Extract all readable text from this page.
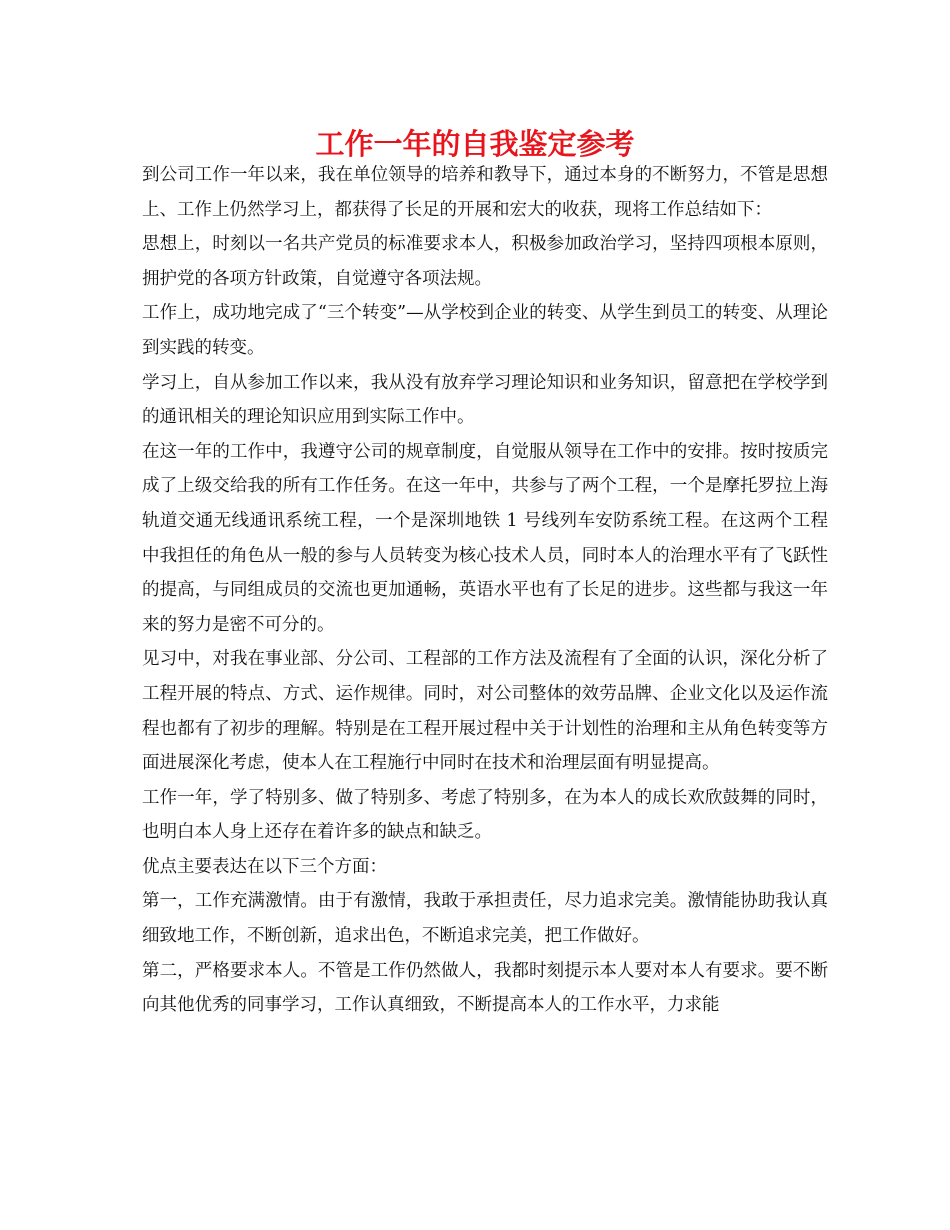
工作一年的自我鉴定参考

到公司工作一年以来，我在单位领导的培养和教导下，通过本身的不断努力，不管是思想上、工作上仍然学习上，都获得了长足的开展和宏大的收获，现将工作总结如下：

思想上，时刻以一名共产党员的标准要求本人，积极参加政治学习，坚持四项根本原则，拥护党的各项方针政策，自觉遵守各项法规。

工作上，成功地完成了“三个转变”—从学校到企业的转变、从学生到员工的转变、从理论到实践的转变。

学习上，自从参加工作以来，我从没有放弃学习理论知识和业务知识，留意把在学校学到的通讯相关的理论知识应用到实际工作中。

在这一年的工作中，我遵守公司的规章制度，自觉服从领导在工作中的安排。按时按质完成了上级交给我的所有工作任务。在这一年中，共参与了两个工程，一个是摩托罗拉上海轨道交通无线通讯系统工程，一个是深圳地铁 1 号线列车安防系统工程。在这两个工程中我担任的角色从一般的参与人员转变为核心技术人员，同时本人的治理水平有了飞跃性的提高，与同组成员的交流也更加通畅，英语水平也有了长足的进步。这些都与我这一年来的努力是密不可分的。

见习中，对我在事业部、分公司、工程部的工作方法及流程有了全面的认识，深化分析了工程开展的特点、方式、运作规律。同时，对公司整体的效劳品牌、企业文化以及运作流程也都有了初步的理解。特别是在工程开展过程中关于计划性的治理和主从角色转变等方面进展深化考虑，使本人在工程施行中同时在技术和治理层面有明显提高。

工作一年，学了特别多、做了特别多、考虑了特别多，在为本人的成长欢欣鼓舞的同时，也明白本人身上还存在着许多的缺点和缺乏。

优点主要表达在以下三个方面：

第一，工作充满激情。由于有激情，我敢于承担责任，尽力追求完美。激情能协助我认真细致地工作，不断创新，追求出色，不断追求完美，把工作做好。

第二，严格要求本人。不管是工作仍然做人，我都时刻提示本人要对本人有要求。要不断向其他优秀的同事学习，工作认真细致，不断提高本人的工作水平，力求能
